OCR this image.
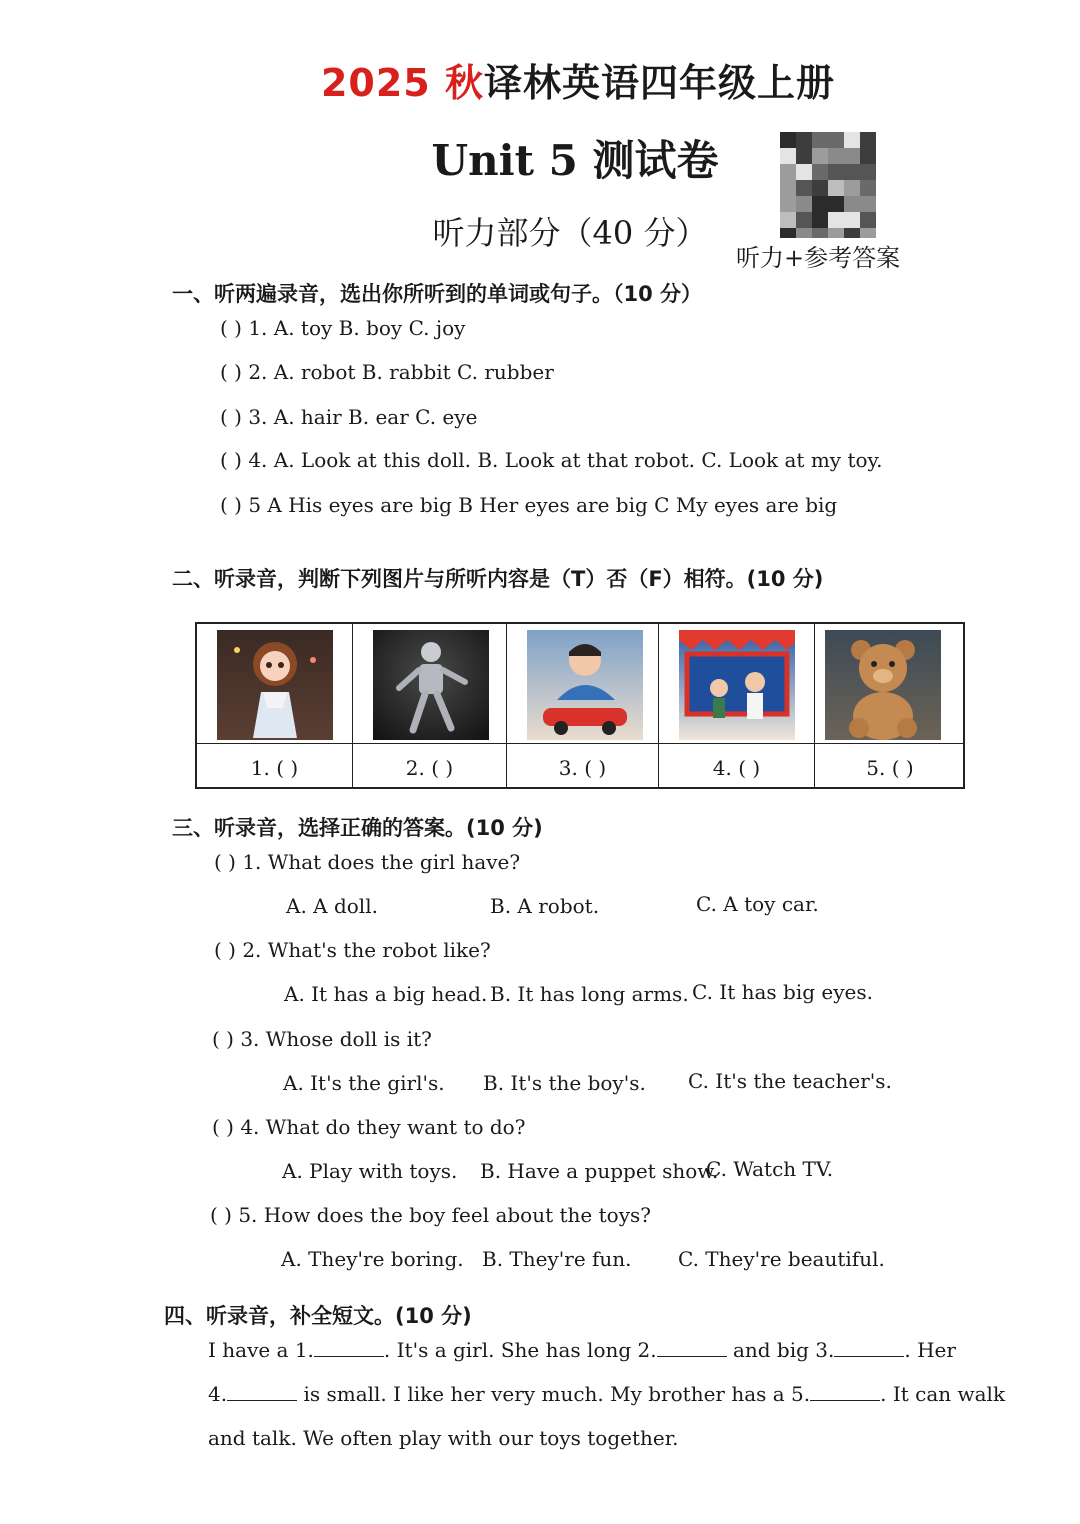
2025 秋译林英语四年级上册
Unit 5 测试卷
听力部分（40 分）
听力+参考答案
一、听两遍录音，选出你所听到的单词或句子。（10 分）
( ) 1. A. toy B. boy C. joy
( ) 2. A. robot B. rabbit C. rubber
( ) 3. A. hair B. ear C. eye
( ) 4. A. Look at this doll. B. Look at that robot. C. Look at my toy.
( ) 5 A His eyes are big B Her eyes are big C My eyes are big
二、听录音，判断下列图片与所听内容是（T）否（F）相符。(10 分)
1. ( )	2. ( )	3. ( )	4. ( )	5. ( )
三、听录音，选择正确的答案。(10 分)
( ) 1. What does the girl have?
A. A doll.	B. A robot.	C. A toy car.
( ) 2. What's the robot like?
A. It has a big head. B. It has long arms. C. It has big eyes.
( ) 3. Whose doll is it?
A. It's the girl's. B. It's the boy's. C. It's the teacher's.
( ) 4. What do they want to do?
A. Play with toys. B. Have a puppet show.
C. Watch TV.
( ) 5. How does the boy feel about the toys?
A. They're boring. B. They're fun. C. They're beautiful.
四、听录音，补全短文。(10 分)
I have a 1.	. It's a girl. She has long 2.	and big 3.	. Her
4.	is small. I like her very much. My brother has a 5.	. It can walk
and talk. We often play with our toys together.
